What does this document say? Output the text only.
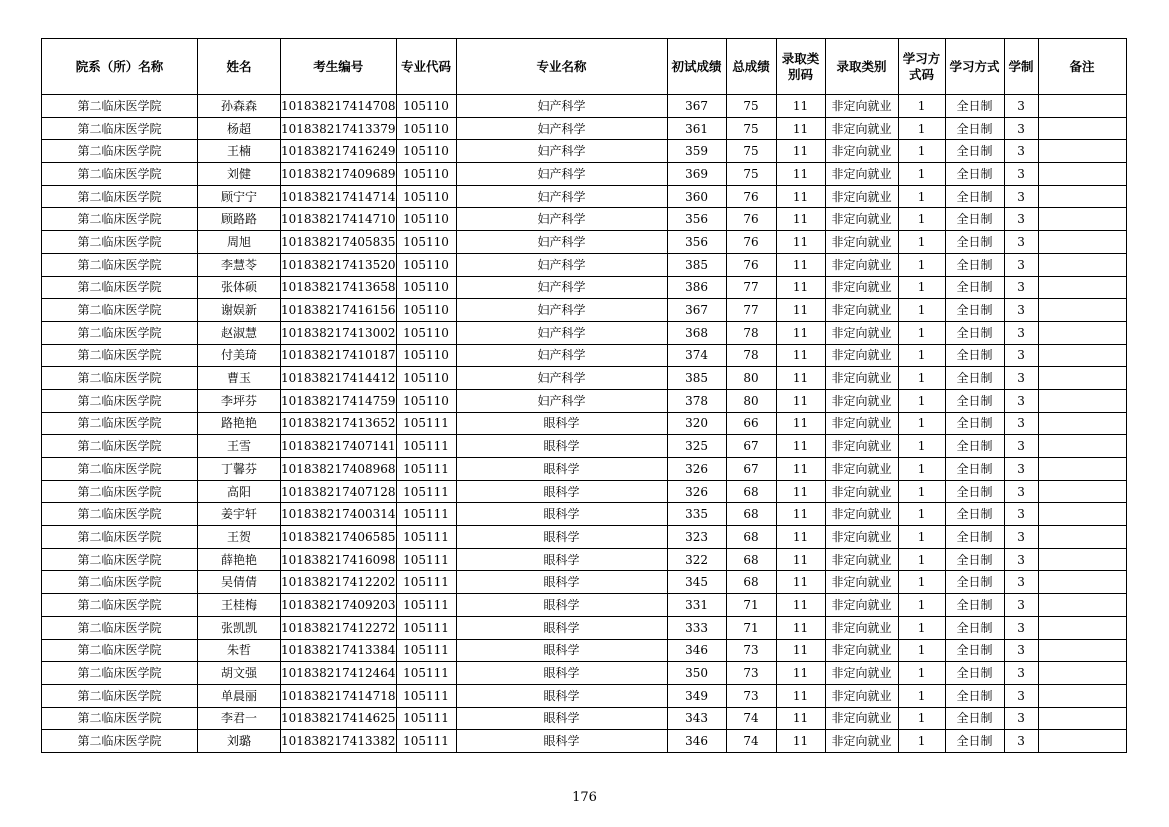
院系（所）名称	姓名	考生编号	专业代码	专业名称	初试成绩	总成绩	录取类别码	录取类别	学习方式码	学习方式	学制	备注
第二临床医学院	孙森森	101838217414708	105110	妇产科学	367	75	11	非定向就业	1	全日制	3	
第二临床医学院	杨超	101838217413379	105110	妇产科学	361	75	11	非定向就业	1	全日制	3	
第二临床医学院	王楠	101838217416249	105110	妇产科学	359	75	11	非定向就业	1	全日制	3	
第二临床医学院	刘健	101838217409689	105110	妇产科学	369	75	11	非定向就业	1	全日制	3	
第二临床医学院	顾宁宁	101838217414714	105110	妇产科学	360	76	11	非定向就业	1	全日制	3	
第二临床医学院	顾路路	101838217414710	105110	妇产科学	356	76	11	非定向就业	1	全日制	3	
第二临床医学院	周旭	101838217405835	105110	妇产科学	356	76	11	非定向就业	1	全日制	3	
第二临床医学院	李慧苓	101838217413520	105110	妇产科学	385	76	11	非定向就业	1	全日制	3	
第二临床医学院	张体硕	101838217413658	105110	妇产科学	386	77	11	非定向就业	1	全日制	3	
第二临床医学院	谢娱新	101838217416156	105110	妇产科学	367	77	11	非定向就业	1	全日制	3	
第二临床医学院	赵淑慧	101838217413002	105110	妇产科学	368	78	11	非定向就业	1	全日制	3	
第二临床医学院	付美琦	101838217410187	105110	妇产科学	374	78	11	非定向就业	1	全日制	3	
第二临床医学院	曹玉	101838217414412	105110	妇产科学	385	80	11	非定向就业	1	全日制	3	
第二临床医学院	李坪芬	101838217414759	105110	妇产科学	378	80	11	非定向就业	1	全日制	3	
第二临床医学院	路艳艳	101838217413652	105111	眼科学	320	66	11	非定向就业	1	全日制	3	
第二临床医学院	王雪	101838217407141	105111	眼科学	325	67	11	非定向就业	1	全日制	3	
第二临床医学院	丁馨芬	101838217408968	105111	眼科学	326	67	11	非定向就业	1	全日制	3	
第二临床医学院	高阳	101838217407128	105111	眼科学	326	68	11	非定向就业	1	全日制	3	
第二临床医学院	姜宇轩	101838217400314	105111	眼科学	335	68	11	非定向就业	1	全日制	3	
第二临床医学院	王贺	101838217406585	105111	眼科学	323	68	11	非定向就业	1	全日制	3	
第二临床医学院	薛艳艳	101838217416098	105111	眼科学	322	68	11	非定向就业	1	全日制	3	
第二临床医学院	吴倩倩	101838217412202	105111	眼科学	345	68	11	非定向就业	1	全日制	3	
第二临床医学院	王桂梅	101838217409203	105111	眼科学	331	71	11	非定向就业	1	全日制	3	
第二临床医学院	张凯凯	101838217412272	105111	眼科学	333	71	11	非定向就业	1	全日制	3	
第二临床医学院	朱哲	101838217413384	105111	眼科学	346	73	11	非定向就业	1	全日制	3	
第二临床医学院	胡文强	101838217412464	105111	眼科学	350	73	11	非定向就业	1	全日制	3	
第二临床医学院	单晨丽	101838217414718	105111	眼科学	349	73	11	非定向就业	1	全日制	3	
第二临床医学院	李君一	101838217414625	105111	眼科学	343	74	11	非定向就业	1	全日制	3	
第二临床医学院	刘璐	101838217413382	105111	眼科学	346	74	11	非定向就业	1	全日制	3	
176
